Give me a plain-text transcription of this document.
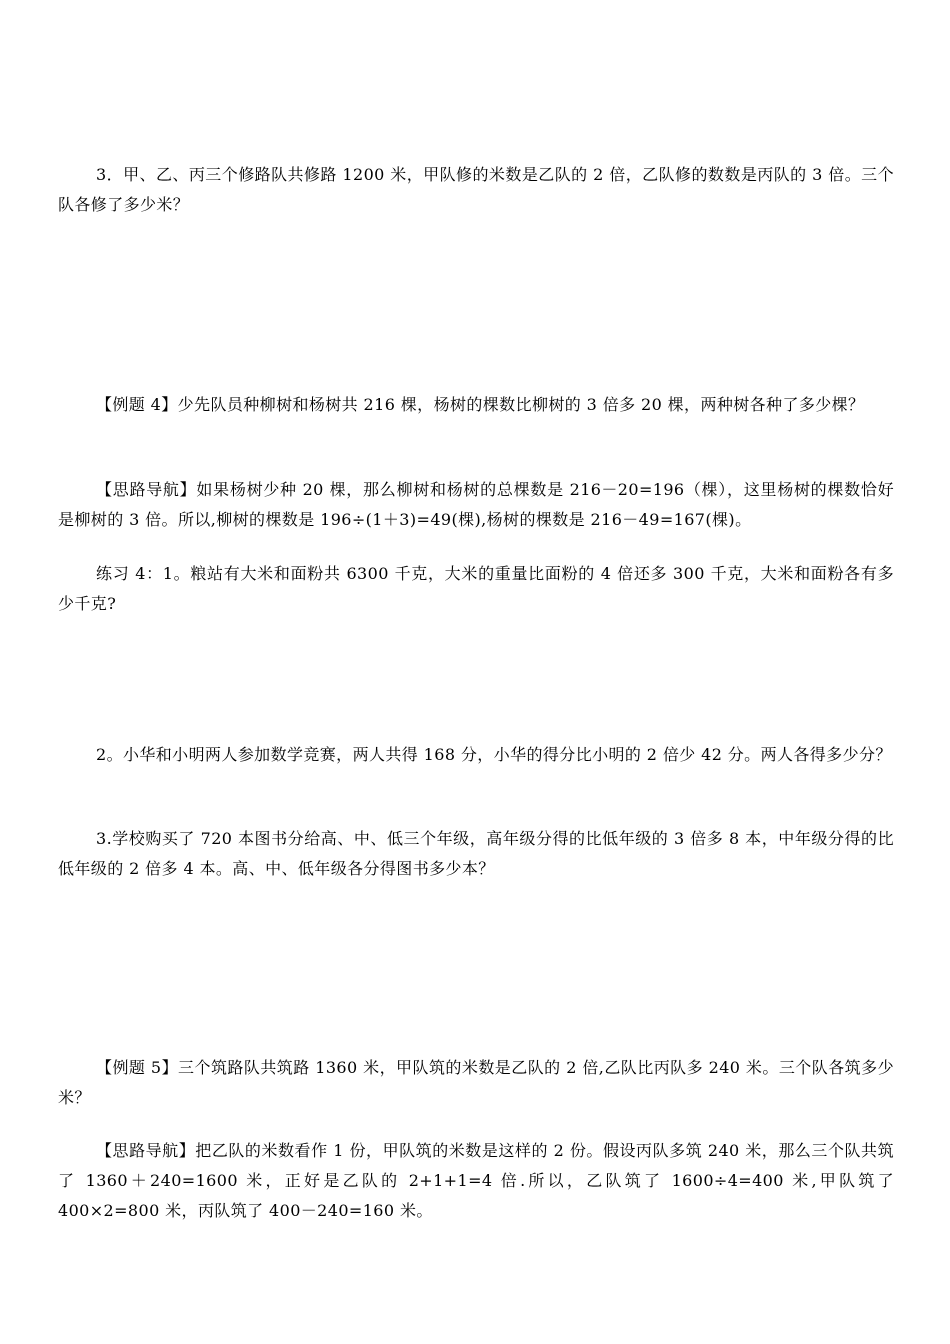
3．甲、乙、丙三个修路队共修路 1200 米，甲队修的米数是乙队的 2 倍，乙队修的数数是丙队的 3 倍。三个队各修了多少米？

【例题 4】少先队员种柳树和杨树共 216 棵，杨树的棵数比柳树的 3 倍多 20 棵，两种树各种了多少棵？

【思路导航】如果杨树少种 20 棵，那么柳树和杨树的总棵数是 216－20=196（棵），这里杨树的棵数恰好是柳树的 3 倍。所以,柳树的棵数是 196÷(1＋3)=49(棵),杨树的棵数是 216－49=167(棵)。

练习 4：1。粮站有大米和面粉共 6300 千克，大米的重量比面粉的 4 倍还多 300 千克，大米和面粉各有多少千克?

2。小华和小明两人参加数学竞赛，两人共得 168 分，小华的得分比小明的 2 倍少 42 分。两人各得多少分？

3.学校购买了 720 本图书分给高、中、低三个年级，高年级分得的比低年级的 3 倍多 8 本，中年级分得的比低年级的 2 倍多 4 本。高、中、低年级各分得图书多少本？

【例题 5】三个筑路队共筑路 1360 米，甲队筑的米数是乙队的 2 倍,乙队比丙队多 240 米。三个队各筑多少米？

【思路导航】把乙队的米数看作 1 份，甲队筑的米数是这样的 2 份。假设丙队多筑 240 米，那么三个队共筑了 1360＋240=1600 米，正好是乙队的 2+1+1=4 倍.所以，乙队筑了 1600÷4=400 米,甲队筑了 400×2=800 米，丙队筑了 400－240=160 米。
